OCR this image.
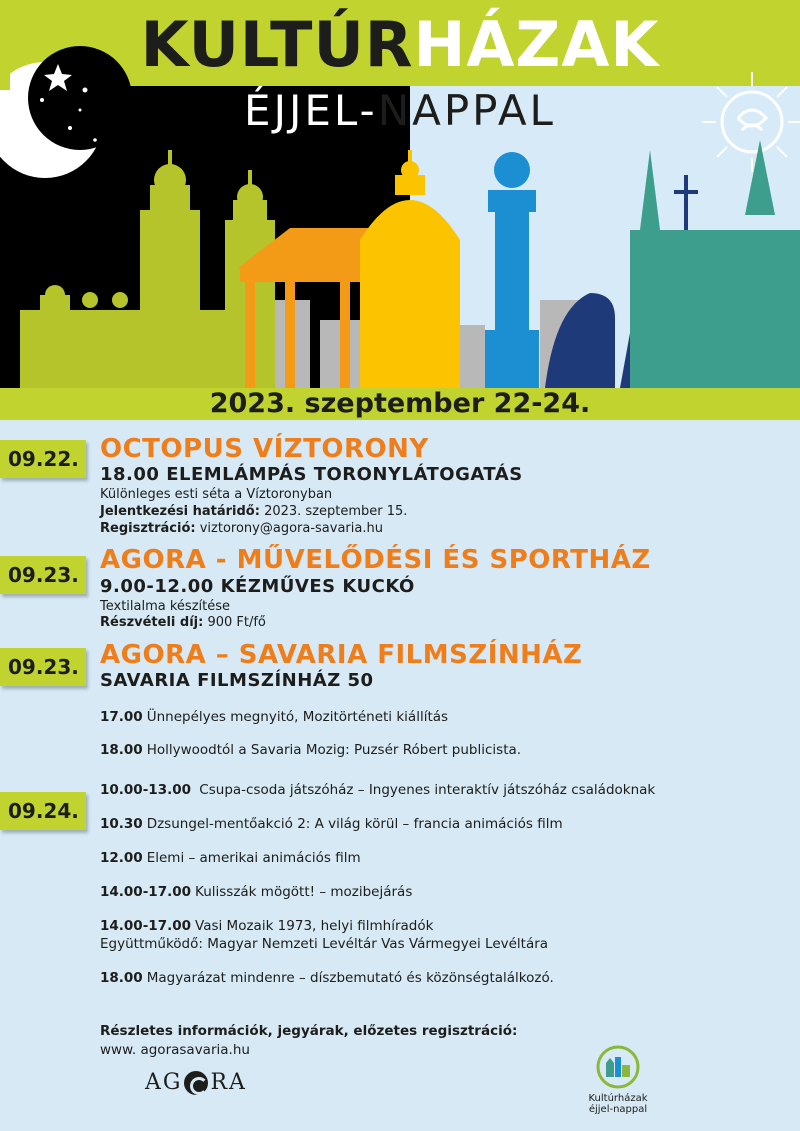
KULTÚRHÁZAK
ÉJJEL-NAPPAL
2023. szeptember 22-24.
09.22. OCTOPUS VÍZTORONY
18.00 ELEMLÁMPÁS TORONYLÁTOGATÁS
Különleges esti séta a Víztoronyban
Jelentkezési határidő: 2023. szeptember 15.
Regisztráció: viztorony@agora-savaria.hu
09.23. AGORA - MŰVELŐDÉSI ÉS SPORTHÁZ
9.00-12.00 KÉZMŰVES KUCKÓ
Textilalma készítése
Részvételi díj: 900 Ft/fő
09.23. AGORA – SAVARIA FILMSZÍNHÁZ
SAVARIA FILMSZÍNHÁZ 50
17.00 Ünnepélyes megnyitó, Mozitörténeti kiállítás
18.00 Hollywoodtól a Savaria Mozig: Puzsér Róbert publicista.
09.24.
10.00-13.00 Csupa-csoda játszóház – Ingyenes interaktív játszóház családoknak
10.30 Dzsungel-mentőakció 2: A világ körül – francia animációs film
12.00 Elemi – amerikai animációs film
14.00-17.00 Kulisszák mögött! – mozibejárás
14.00-17.00 Vasi Mozaik 1973, helyi filmhíradók
Együttműködő: Magyar Nemzeti Levéltár Vas Vármegyei Levéltára
18.00 Magyarázat mindenre – díszbemutató és közönségtalálkozó.
Részletes információk, jegyárak, előzetes regisztráció:
www. agorasavaria.hu
AG RA
Kultúrházak
éjjel-nappal
